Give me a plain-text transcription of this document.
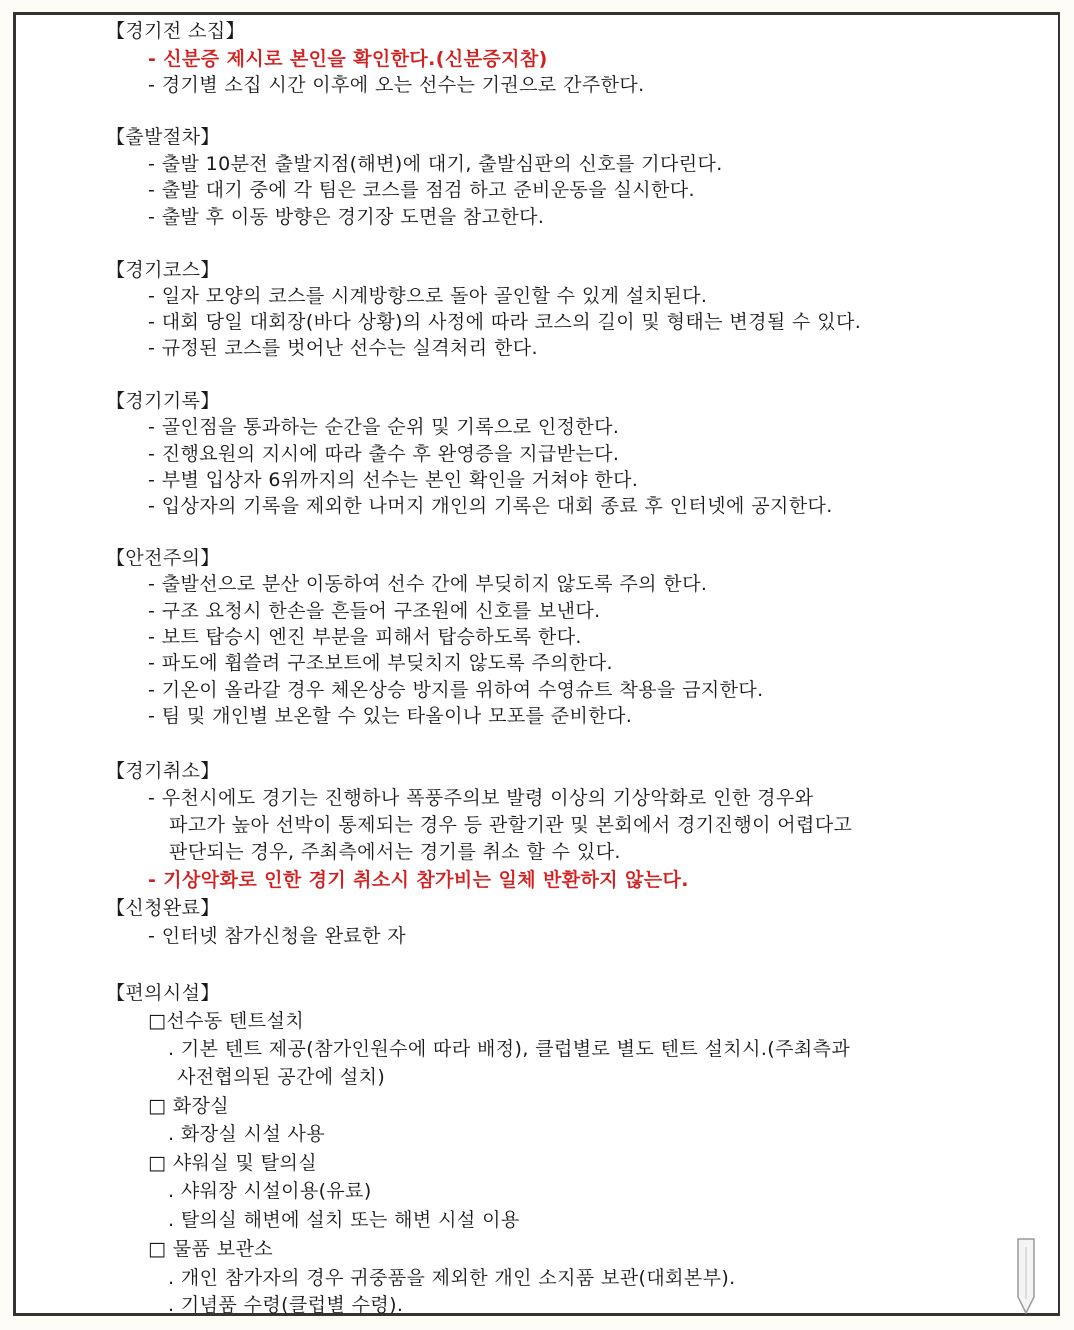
【경기전 소집】
- 신분증 제시로 본인을 확인한다.(신분증지참)
- 경기별 소집 시간 이후에 오는 선수는 기권으로 간주한다.
【출발절차】
- 출발 10분전 출발지점(해변)에 대기, 출발심판의 신호를 기다린다.
- 출발 대기 중에 각 팀은 코스를 점검 하고 준비운동을 실시한다.
- 출발 후 이동 방향은 경기장 도면을 참고한다.
【경기코스】
- 일자 모양의 코스를 시계방향으로 돌아 골인할 수 있게 설치된다.
- 대회 당일 대회장(바다 상황)의 사정에 따라 코스의 길이 및 형태는 변경될 수 있다.
- 규정된 코스를 벗어난 선수는 실격처리 한다.
【경기기록】
- 골인점을 통과하는 순간을 순위 및 기록으로 인정한다.
- 진행요원의 지시에 따라 출수 후 완영증을 지급받는다.
- 부별 입상자 6위까지의 선수는 본인 확인을 거쳐야 한다.
- 입상자의 기록을 제외한 나머지 개인의 기록은 대회 종료 후 인터넷에 공지한다.
【안전주의】
- 출발선으로 분산 이동하여 선수 간에 부딪히지 않도록 주의 한다.
- 구조 요청시 한손을 흔들어 구조원에 신호를 보낸다.
- 보트 탑승시 엔진 부분을 피해서 탑승하도록 한다.
- 파도에 휩쓸려 구조보트에 부딪치지 않도록 주의한다.
- 기온이 올라갈 경우 체온상승 방지를 위하여 수영슈트 착용을 금지한다.
- 팀 및 개인별 보온할 수 있는 타올이나 모포를 준비한다.
【경기취소】
- 우천시에도 경기는 진행하나 폭풍주의보 발령 이상의 기상악화로 인한 경우와
파고가 높아 선박이 통제되는 경우 등 관할기관 및 본회에서 경기진행이 어렵다고
판단되는 경우, 주최측에서는 경기를 취소 할 수 있다.
- 기상악화로 인한 경기 취소시 참가비는 일체 반환하지 않는다.
【신청완료】
- 인터넷 참가신청을 완료한 자
【편의시설】
□선수동 텐트설치
. 기본 텐트 제공(참가인원수에 따라 배정), 클럽별로 별도 텐트 설치시.(주최측과
사전협의된 공간에 설치)
□ 화장실
. 화장실 시설 사용
□ 샤워실 및 탈의실
. 샤워장 시설이용(유료)
. 탈의실 해변에 설치 또는 해변 시설 이용
□ 물품 보관소
. 개인 참가자의 경우 귀중품을 제외한 개인 소지품 보관(대회본부).
. 기념품 수령(클럽별 수령).
